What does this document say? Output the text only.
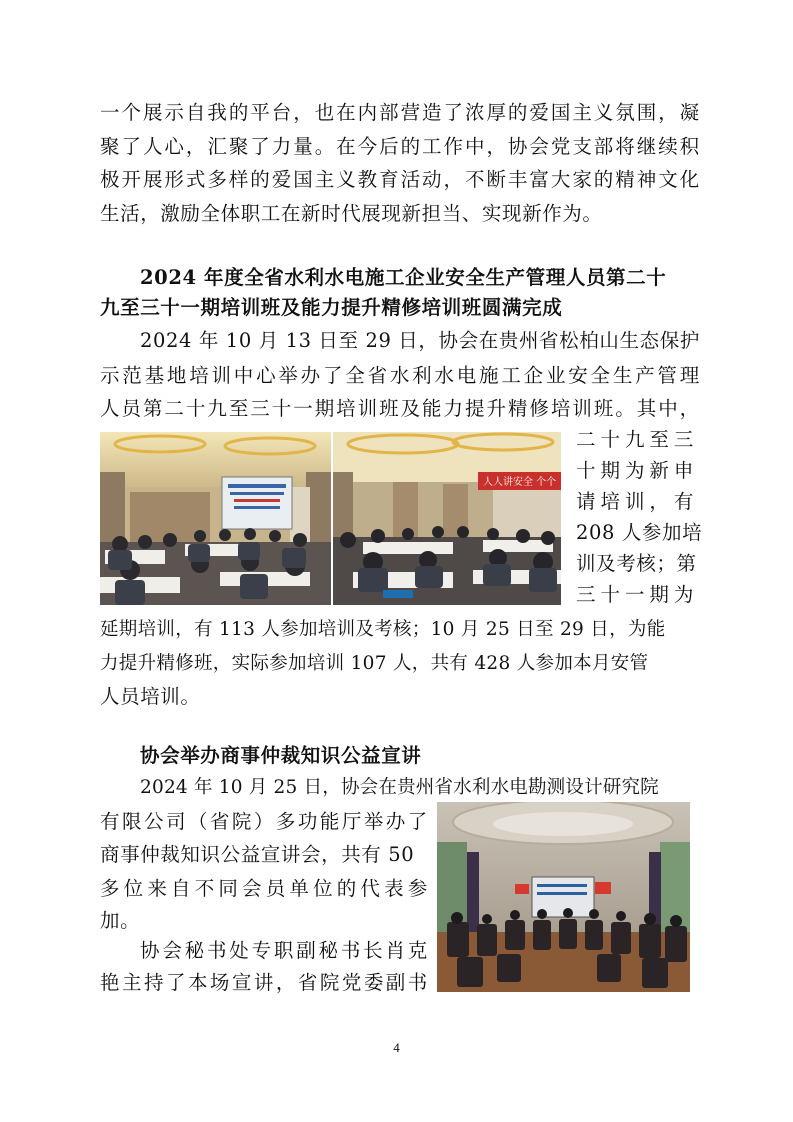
一 个 展 示 自 我 的 平 台 ， 也 在 内 部 营 造 了 浓 厚 的 爱 国 主 义 氛 围 ， 凝
聚 了 人 心 ， 汇 聚 了 力 量 。 在 今 后 的 工 作 中 ， 协 会 党 支 部 将 继 续 积
极 开 展 形 式 多 样 的 爱 国 主 义 教 育 活 动 ， 不 断 丰 富 大 家 的 精 神 文 化
生活，激励全体职工在新时代展现新担当、实现新作为。
2024 年度全省水利水电施工企业安全生产管理人员第二十
九至三十一期培训班及能力提升精修培训班圆满完成
2 0 2 4
年
1 0
月
1 3
日 至
2 9
日 ， 协 会 在 贵 州 省 松 柏 山 生 态 保 护
示 范 基 地 培 训 中 心 举 办 了 全 省 水 利 水 电 施 工 企 业 安 全 生 产 管 理
人 员 第 二 十 九 至 三 十 一 期 培 训 班 及 能 力 提 升 精 修 培 训 班 。 其 中 ，
人人讲安全 个个
二 十 九 至 三
十 期 为 新 申
请 培 训 ， 有
208 人参加培
训及考核；第
三 十 一 期 为
延期培训，有 113 人参加培训及考核；10 月 25 日至 29 日，为能
力提升精修班，实际参加培训 107 人，共有 428 人参加本月安管
人员培训。
协会举办商事仲裁知识公益宣讲
2024 年 10 月 25 日，协会在贵州省水利水电勘测设计研究院
有 限 公 司 （ 省 院 ） 多 功 能 厅 举 办 了
商事仲裁知识公益宣讲会，共有 50
多 位 来 自 不 同 会 员 单 位 的 代 表 参
加。
协 会 秘 书 处 专 职 副 秘 书 长 肖 克
艳 主 持 了 本 场 宣 讲 ， 省 院 党 委 副 书
4
